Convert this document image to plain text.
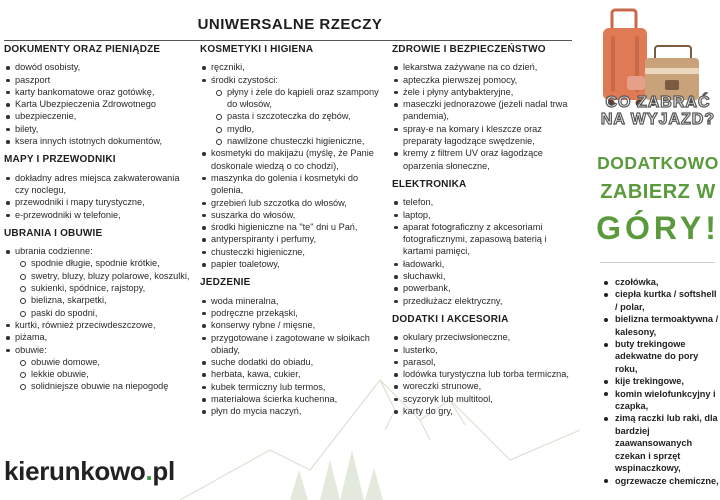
UNIWERSALNE RZECZY
DOKUMENTY ORAZ PIENIĄDZE
dowód osobisty,
paszport
karty bankomatowe oraz gotówkę,
Karta Ubezpieczenia Zdrowotnego
ubezpieczenie,
bilety,
ksera innych istotnych dokumentów,
MAPY I PRZEWODNIKI
dokładny adres miejsca zakwaterowania czy noclegu,
przewodniki i mapy turystyczne,
e-przewodniki w telefonie,
UBRANIA I OBUWIE
ubrania codzienne:
spodnie długie, spodnie krótkie,
swetry, bluzy, bluzy polarowe, koszulki,
sukienki, spódnice, rajstopy,
bielizna, skarpetki,
paski do spodni,
kurtki, również przeciwdeszczowe,
piżama,
obuwie:
obuwie domowe,
lekkie obuwie,
solidniejsze obuwie na niepogodę
KOSMETYKI I HIGIENA
ręczniki,
środki czystości:
płyny i żele do kąpieli oraz szampony do włosów,
pasta i szczoteczka do zębów,
mydło,
nawilżone chusteczki higieniczne,
kosmetyki do makijażu (myślę, że Panie doskonale wiedzą o co chodzi),
maszynka do golenia i kosmetyki do golenia,
grzebień lub szczotka do włosów,
suszarka do włosów,
środki higieniczne na "te" dni u Pań,
antyperspiranty i perfumy,
chusteczki higieniczne,
papier toaletowy,
JEDZENIE
woda mineralna,
podręczne przekąski,
konserwy rybne / mięsne,
przygotowane i zagotowane w słoikach obiady,
suche dodatki do obiadu,
herbata, kawa, cukier,
kubek termiczny lub termos,
materiałowa ścierka kuchenna,
płyn do mycia naczyń,
ZDROWIE I BEZPIECZEŃSTWO
lekarstwa zażywane na co dzień,
apteczka pierwszej pomocy,
żele i płyny antybakteryjne,
maseczki jednorazowe (jeżeli nadal trwa pandemia),
spray-e na komary i kleszcze oraz preparaty łagodzące swędzenie,
kremy z filtrem UV oraz łagodzące oparzenia słoneczne,
ELEKTRONIKA
telefon,
laptop,
aparat fotograficzny z akcesoriami fotograficznymi, zapasową baterią i kartami pamięci,
ładowarki,
słuchawki,
powerbank,
przedłużacz elektryczny,
DODATKI I AKCESORIA
okulary przeciwsłoneczne,
lusterko,
parasol,
lodówka turystyczna lub torba termiczna,
woreczki strunowe,
scyzoryk lub multitool,
karty do gry,
kierunkowo.pl
CO ZABRAĆ NA WYJAZD?
DODATKOWO
ZABIERZ W
GÓRY!
czołówka,
ciepła kurtka / softshell / polar,
bielizna termoaktywna / kalesony,
buty trekingowe adekwatne do pory roku,
kije trekingowe,
komin wielofunkcyjny i czapka,
zimą raczki lub raki, dla bardziej zaawansowanych czekan i sprzęt wspinaczkowy,
ogrzewacze chemiczne,
